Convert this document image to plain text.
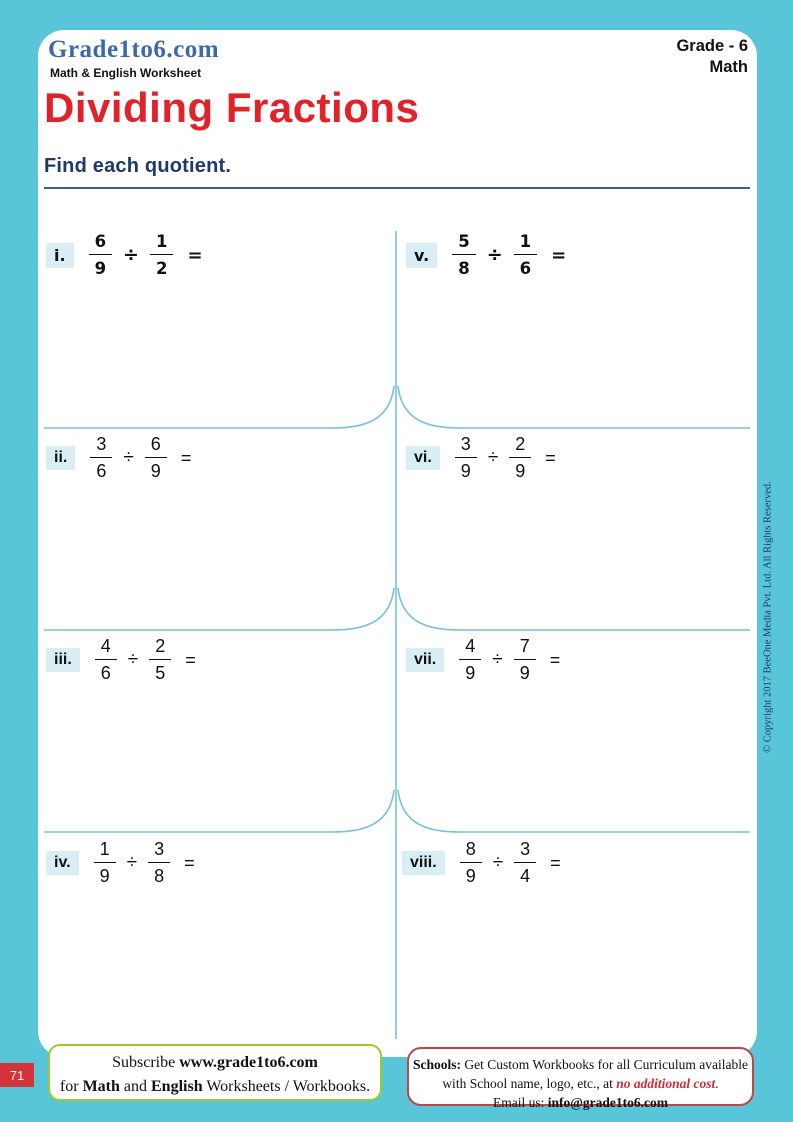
Grade1to6.com
Math & English Worksheet
Grade - 6
Math
Dividing Fractions
Find each quotient.
i.	$\frac{6}{9} \div \frac{1}{2}$ =
ii.	$\frac{3}{6} \div \frac{6}{9}$ =
iii.	$\frac{4}{6} \div \frac{2}{5}$ =
iv.	$\frac{1}{9} \div \frac{3}{8}$ =
v.	$\frac{5}{8} \div \frac{1}{6}$ =
vi.	$\frac{3}{9} \div \frac{2}{9}$ =
vii.	$\frac{4}{9} \div \frac{7}{9}$ =
viii.	$\frac{8}{9} \div \frac{3}{4}$ =
© Copyright 2017 BeeOne Media Pvt. Ltd. All Rights Reserved.
71
Subscribe www.grade1to6.com
for Math and English Worksheets / Workbooks.
Schools: Get Custom Workbooks for all Curriculum available
with School name, logo, etc., at no additional cost.
Email us: info@grade1to6.com
